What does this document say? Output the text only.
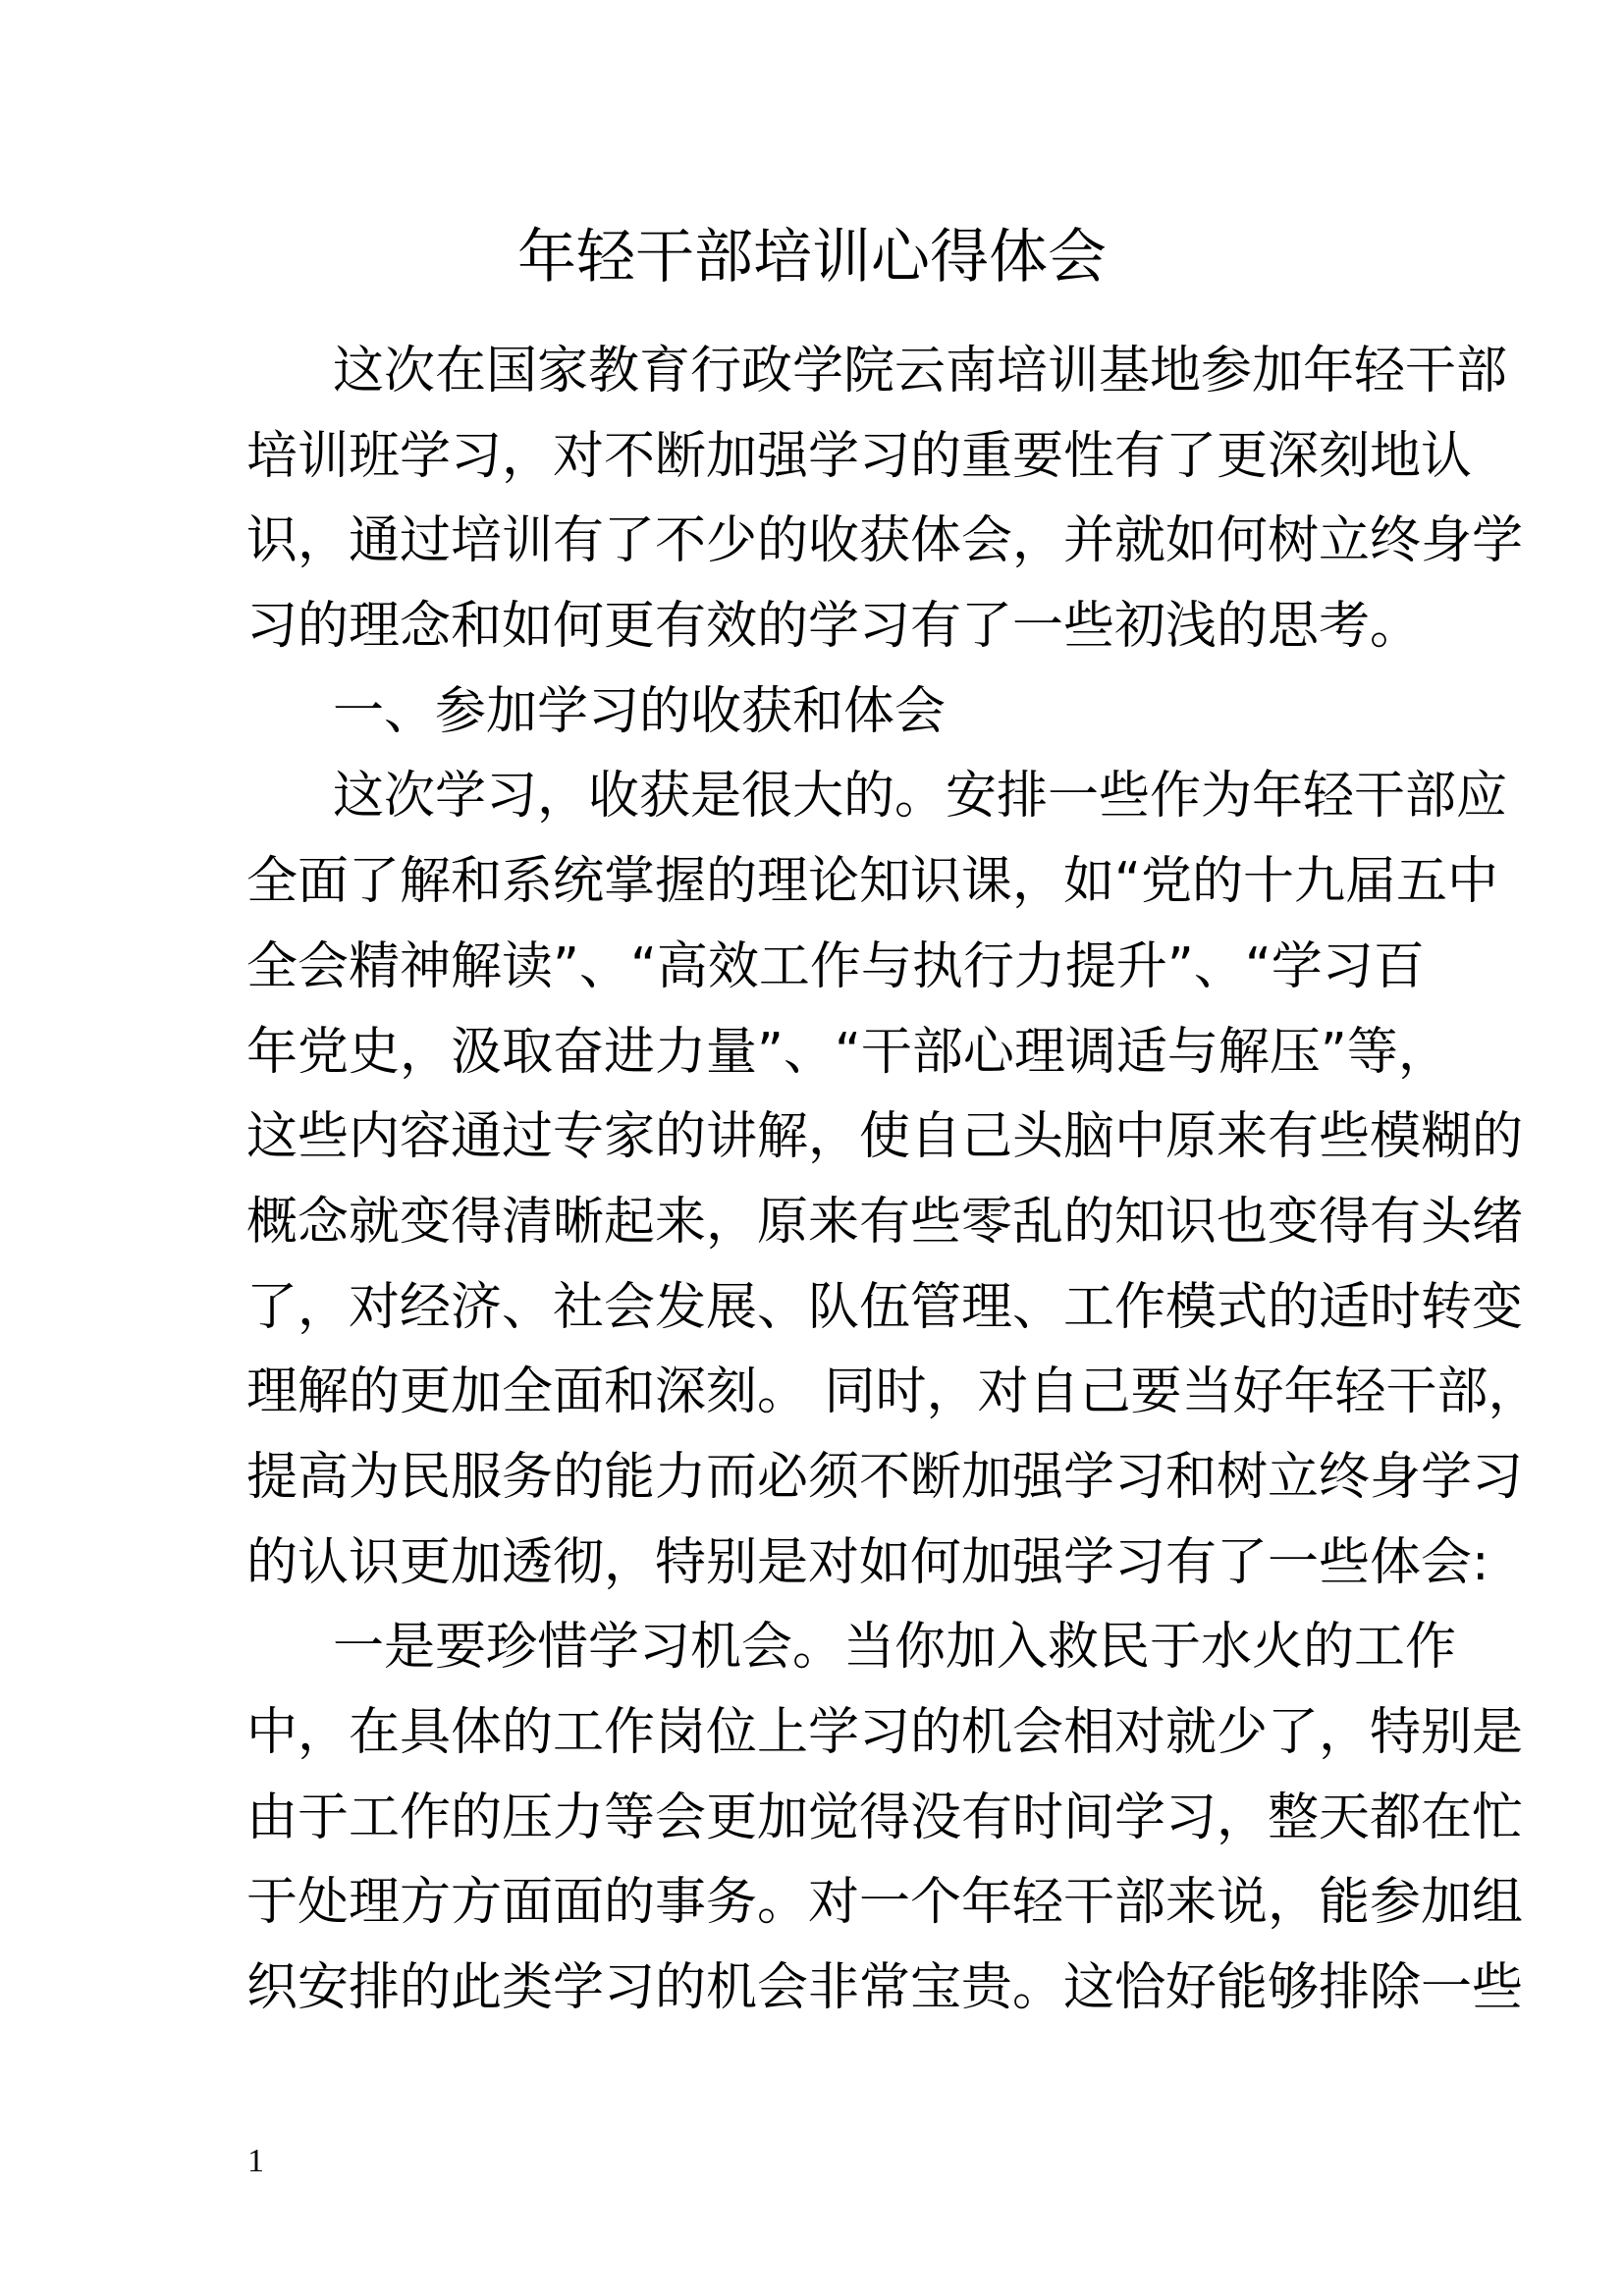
年轻干部培训心得体会
这次在国家教育行政学院云南培训基地参加年轻干部
培训班学习，对不断加强学习的重要性有了更深刻地认
识，通过培训有了不少的收获体会，并就如何树立终身学
习的理念和如何更有效的学习有了一些初浅的思考。
一、参加学习的收获和体会
这次学习，收获是很大的。安排一些作为年轻干部应
全面了解和系统掌握的理论知识课，如“党的十九届五中
全会精神解读”、“高效工作与执行力提升”、“学习百
年党史，汲取奋进力量”、“干部心理调适与解压”等，
这些内容通过专家的讲解，使自己头脑中原来有些模糊的
概念就变得清晰起来，原来有些零乱的知识也变得有头绪
了，对经济、社会发展、队伍管理、工作模式的适时转变
理解的更加全面和深刻。 同时，对自己要当好年轻干部，
提高为民服务的能力而必须不断加强学习和树立终身学习
的认识更加透彻，特别是对如何加强学习有了一些体会:
一是要珍惜学习机会。当你加入救民于水火的工作
中，在具体的工作岗位上学习的机会相对就少了，特别是
由于工作的压力等会更加觉得没有时间学习，整天都在忙
于处理方方面面的事务。对一个年轻干部来说，能参加组
织安排的此类学习的机会非常宝贵。这恰好能够排除一些
1
